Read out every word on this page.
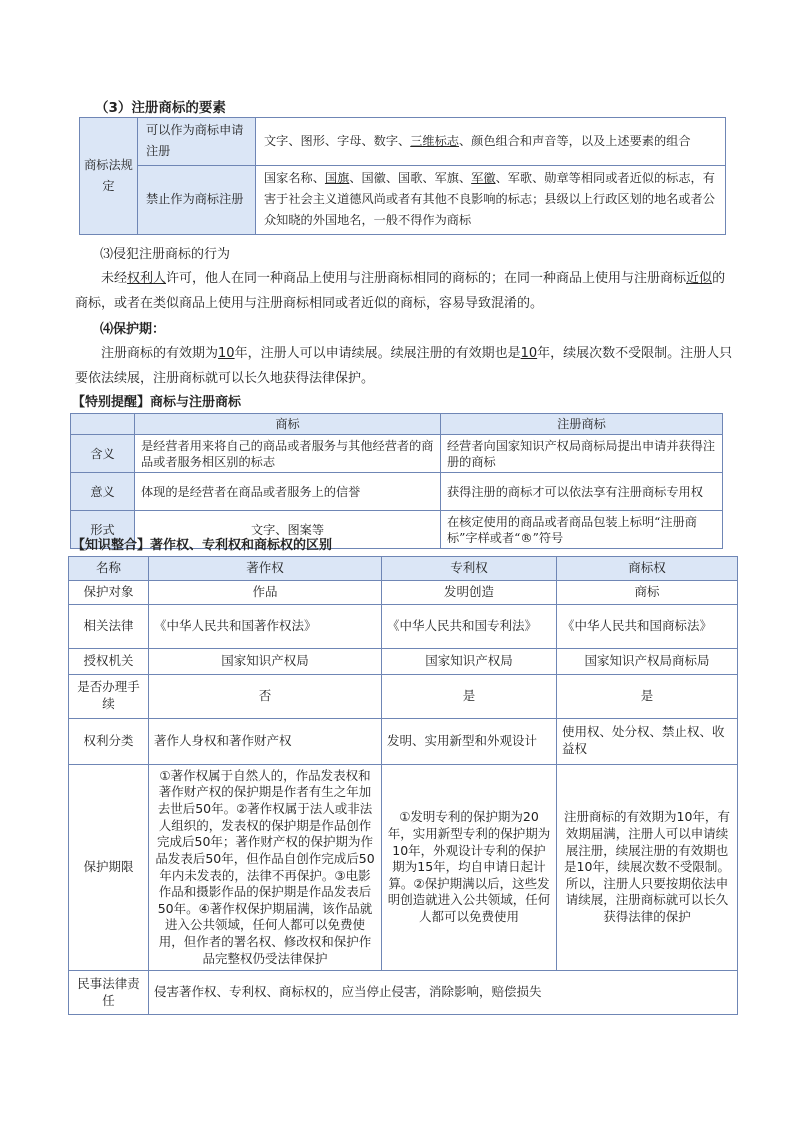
（3）注册商标的要素
商标法规定	可以作为商标申请注册	文字、图形、字母、数字、三维标志、颜色组合和声音等，以及上述要素的组合
	禁止作为商标注册	国家名称、国旗、国徽、国歌、军旗、军徽、军歌、勋章等相同或者近似的标志，有害于社会主义道德风尚或者有其他不良影响的标志；县级以上行政区划的地名或者公众知晓的外国地名，一般不得作为商标
⑶侵犯注册商标的行为
未经权利人许可，他人在同一种商品上使用与注册商标相同的商标的；在同一种商品上使用与注册商标近似的商标，或者在类似商品上使用与注册商标相同或者近似的商标，容易导致混淆的。
⑷保护期：
注册商标的有效期为10年，注册人可以申请续展。续展注册的有效期也是10年，续展次数不受限制。注册人只要依法续展，注册商标就可以长久地获得法律保护。
【特别提醒】商标与注册商标
	商标	注册商标
含义	是经营者用来将自己的商品或者服务与其他经营者的商品或者服务相区别的标志	经营者向国家知识产权局商标局提出申请并获得注册的商标
意义	体现的是经营者在商品或者服务上的信誉	获得注册的商标才可以依法享有注册商标专用权
形式	文字、图案等	在核定使用的商品或者商品包装上标明“注册商标”字样或者“®”符号
【知识整合】著作权、专利权和商标权的区别
名称	著作权	专利权	商标权
保护对象	作品	发明创造	商标
相关法律	《中华人民共和国著作权法》	《中华人民共和国专利法》	《中华人民共和国商标法》
授权机关	国家知识产权局	国家知识产权局	国家知识产权局商标局
是否办理手续	否	是	是
权利分类	著作人身权和著作财产权	发明、实用新型和外观设计	使用权、处分权、禁止权、收益权
保护期限	①著作权属于自然人的，作品发表权和著作财产权的保护期是作者有生之年加去世后50年。②著作权属于法人或非法人组织的，发表权的保护期是作品创作完成后50年；著作财产权的保护期为作品发表后50年，但作品自创作完成后50年内未发表的，法律不再保护。③电影作品和摄影作品的保护期是作品发表后50年。④著作权保护期届满，该作品就进入公共领域，任何人都可以免费使用，但作者的署名权、修改权和保护作品完整权仍受法律保护	①发明专利的保护期为20年，实用新型专利的保护期为10年，外观设计专利的保护期为15年，均自申请日起计算。②保护期满以后，这些发明创造就进入公共领域，任何人都可以免费使用	注册商标的有效期为10年，有效期届满，注册人可以申请续展注册，续展注册的有效期也是10年，续展次数不受限制。所以，注册人只要按期依法申请续展，注册商标就可以长久获得法律的保护
民事法律责任	侵害著作权、专利权、商标权的，应当停止侵害，消除影响，赔偿损失		
